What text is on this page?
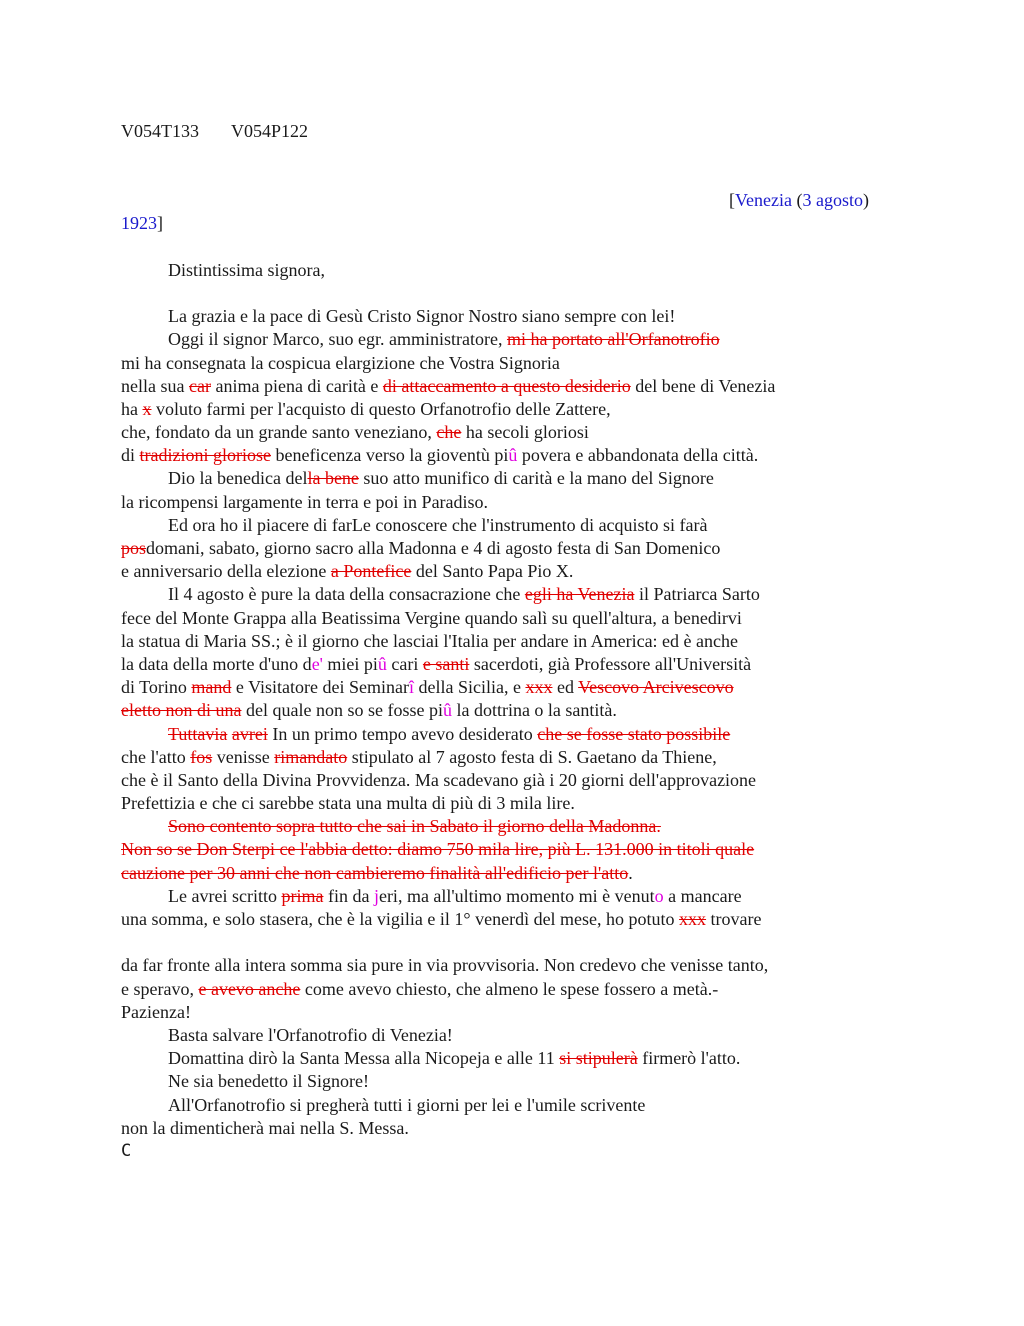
V054T133 V054P122
[Venezia (3 agosto)
1923]
Distintissima signora,
La grazia e la pace di Gesù Cristo Signor Nostro siano sempre con lei!
Oggi il signor Marco, suo egr. amministratore, mi ha portato all'Orfanotrofio
mi ha consegnata la cospicua elargizione che Vostra Signoria
nella sua car anima piena di carità e di attaccamento a questo desiderio del bene di Venezia
ha x voluto farmi per l'acquisto di questo Orfanotrofio delle Zattere,
che, fondato da un grande santo veneziano, che ha secoli gloriosi
di tradizioni gloriose beneficenza verso la gioventù piû povera e abbandonata della città.
Dio la benedica della bene suo atto munifico di carità e la mano del Signore
la ricompensi largamente in terra e poi in Paradiso.
Ed ora ho il piacere di farLe conoscere che l'instrumento di acquisto si farà
posdomani, sabato, giorno sacro alla Madonna e 4 di agosto festa di San Domenico
e anniversario della elezione a Pontefice del Santo Papa Pio X.
Il 4 agosto è pure la data della consacrazione che egli ha Venezia il Patriarca Sarto
fece del Monte Grappa alla Beatissima Vergine quando salì su quell'altura, a benedirvi
la statua di Maria SS.; è il giorno che lasciai l'Italia per andare in America: ed è anche
la data della morte d'uno de' miei piû cari e santi sacerdoti, già Professore all'Università
di Torino mand e Visitatore dei Seminarî della Sicilia, e xxx ed Vescovo Arcivescovo
eletto non di una del quale non so se fosse piû la dottrina o la santità.
Tuttavia avrei In un primo tempo avevo desiderato che se fosse stato possibile
che l'atto fos venisse rimandato stipulato al 7 agosto festa di S. Gaetano da Thiene,
che è il Santo della Divina Provvidenza. Ma scadevano già i 20 giorni dell'approvazione
Prefettizia e che ci sarebbe stata una multa di più di 3 mila lire.
Sono contento sopra tutto che sai in Sabato il giorno della Madonna.
Non so se Don Sterpi ce l'abbia detto: diamo 750 mila lire, più L. 131.000 in titoli quale
cauzione per 30 anni che non cambieremo finalità all'edificio per l'atto.
Le avrei scritto prima fin da jeri, ma all'ultimo momento mi è venuto a mancare
una somma, e solo stasera, che è la vigilia e il 1° venerdì del mese, ho potuto xxx trovare
da far fronte alla intera somma sia pure in via provvisoria. Non credevo che venisse tanto,
e speravo, e avevo anche come avevo chiesto, che almeno le spese fossero a metà.-
Pazienza!
Basta salvare l'Orfanotrofio di Venezia!
Domattina dirò la Santa Messa alla Nicopeja e alle 11 si stipulerà firmerò l'atto.
Ne sia benedetto il Signore!
All'Orfanotrofio si pregherà tutti i giorni per lei e l'umile scrivente
non la dimenticherà mai nella S. Messa.
C
